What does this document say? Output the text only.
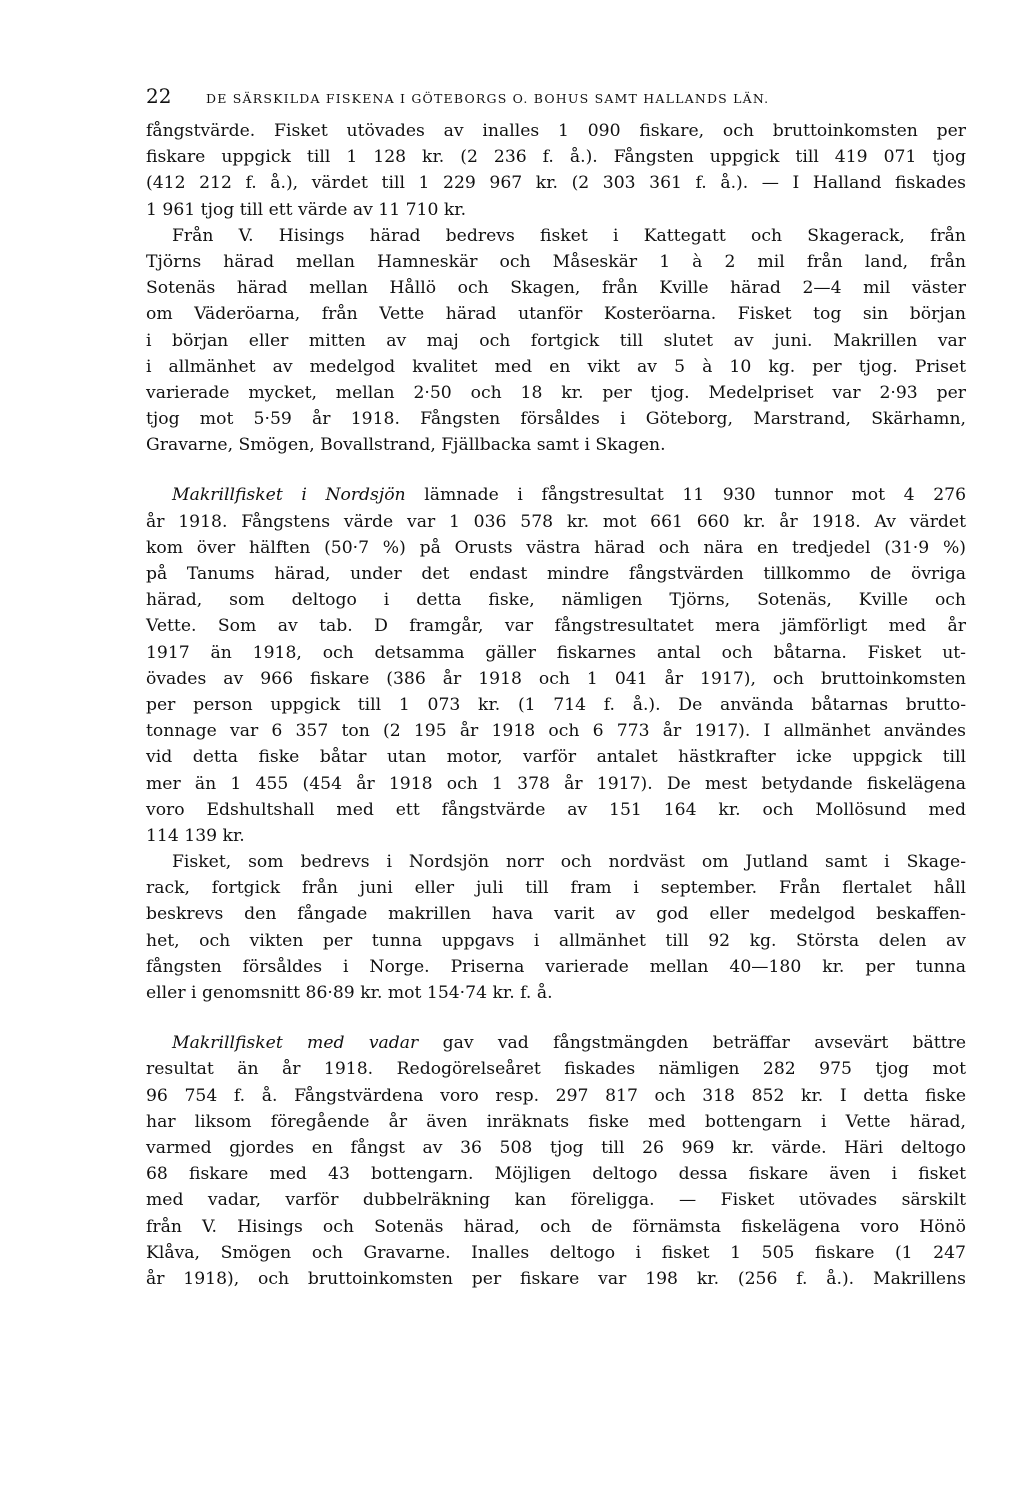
22	DE SÄRSKILDA FISKENA I GÖTEBORGS O. BOHUS SAMT HALLANDS LÄN.
fångstvärde. Fisket utövades av inalles 1 090 fiskare, och bruttoinkomsten per
fiskare uppgick till 1 128 kr. (2 236 f. å.). Fångsten uppgick till 419 071 tjog
(412 212 f. å.), värdet till 1 229 967 kr. (2 303 361 f. å.). — I Halland fiskades
1 961 tjog till ett värde av 11 710 kr.
Från V. Hisings härad bedrevs fisket i Kattegatt och Skagerack, från
Tjörns härad mellan Hamneskär och Måseskär 1 à 2 mil från land, från
Sotenäs härad mellan Hållö och Skagen, från Kville härad 2—4 mil väster
om Väderöarna, från Vette härad utanför Kosteröarna. Fisket tog sin början
i början eller mitten av maj och fortgick till slutet av juni. Makrillen var
i allmänhet av medelgod kvalitet med en vikt av 5 à 10 kg. per tjog. Priset
varierade mycket, mellan 2·50 och 18 kr. per tjog. Medelpriset var 2·93 per
tjog mot 5·59 år 1918. Fångsten försåldes i Göteborg, Marstrand, Skärhamn,
Gravarne, Smögen, Bovallstrand, Fjällbacka samt i Skagen.
Makrillfisket i Nordsjön lämnade i fångstresultat 11 930 tunnor mot 4 276
år 1918. Fångstens värde var 1 036 578 kr. mot 661 660 kr. år 1918. Av värdet
kom över hälften (50·7 %) på Orusts västra härad och nära en tredjedel (31·9 %)
på Tanums härad, under det endast mindre fångstvärden tillkommo de övriga
härad, som deltogo i detta fiske, nämligen Tjörns, Sotenäs, Kville och
Vette. Som av tab. D framgår, var fångstresultatet mera jämförligt med år
1917 än 1918, och detsamma gäller fiskarnes antal och båtarna. Fisket ut-
övades av 966 fiskare (386 år 1918 och 1 041 år 1917), och bruttoinkomsten
per person uppgick till 1 073 kr. (1 714 f. å.). De använda båtarnas brutto-
tonnage var 6 357 ton (2 195 år 1918 och 6 773 år 1917). I allmänhet användes
vid detta fiske båtar utan motor, varför antalet hästkrafter icke uppgick till
mer än 1 455 (454 år 1918 och 1 378 år 1917). De mest betydande fiskelägena
voro Edshultshall med ett fångstvärde av 151 164 kr. och Mollösund med
114 139 kr.
Fisket, som bedrevs i Nordsjön norr och nordväst om Jutland samt i Skage-
rack, fortgick från juni eller juli till fram i september. Från flertalet håll
beskrevs den fångade makrillen hava varit av god eller medelgod beskaffen-
het, och vikten per tunna uppgavs i allmänhet till 92 kg. Största delen av
fångsten försåldes i Norge. Priserna varierade mellan 40—180 kr. per tunna
eller i genomsnitt 86·89 kr. mot 154·74 kr. f. å.
Makrillfisket med vadar gav vad fångstmängden beträffar avsevärt bättre
resultat än år 1918. Redogörelseåret fiskades nämligen 282 975 tjog mot
96 754 f. å. Fångstvärdena voro resp. 297 817 och 318 852 kr. I detta fiske
har liksom föregående år även inräknats fiske med bottengarn i Vette härad,
varmed gjordes en fångst av 36 508 tjog till 26 969 kr. värde. Häri deltogo
68 fiskare med 43 bottengarn. Möjligen deltogo dessa fiskare även i fisket
med vadar, varför dubbelräkning kan föreligga. — Fisket utövades särskilt
från V. Hisings och Sotenäs härad, och de förnämsta fiskelägena voro Hönö
Klåva, Smögen och Gravarne. Inalles deltogo i fisket 1 505 fiskare (1 247
år 1918), och bruttoinkomsten per fiskare var 198 kr. (256 f. å.). Makrillens
